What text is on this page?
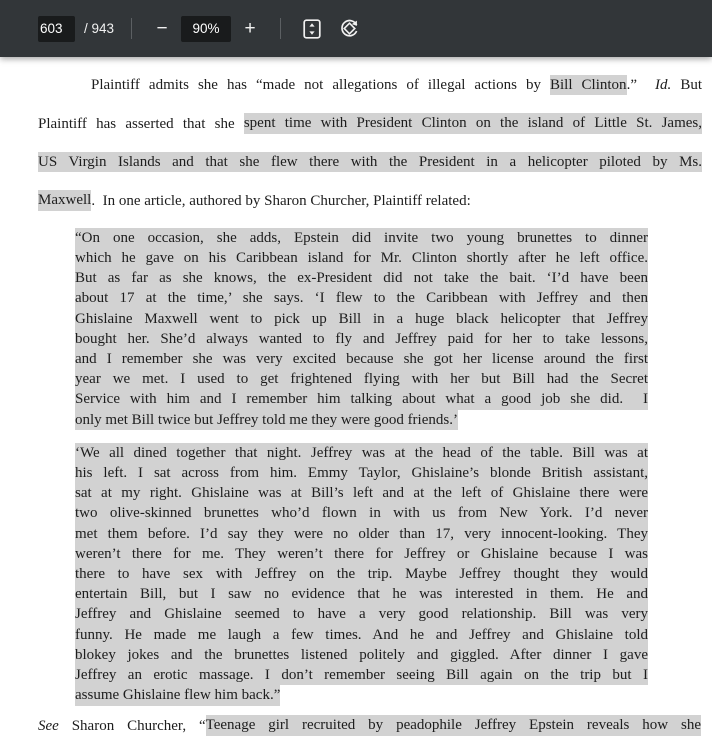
603
/ 943	−	90%	+
Plaintiff admits she has “made not allegations of illegal actions by Bill Clinton.”  Id. But
Plaintiff has asserted that she spent time with President Clinton on the island of Little St. James,
US Virgin Islands and that she flew there with the President in a helicopter piloted by Ms.
Maxwell.  In one article, authored by Sharon Churcher, Plaintiff related:
“On one occasion, she adds, Epstein did invite two young brunettes to dinner
which he gave on his Caribbean island for Mr. Clinton shortly after he left office.
But as far as she knows, the ex-President did not take the bait. ‘I’d have been
about 17 at the time,’ she says. ‘I flew to the Caribbean with Jeffrey and then
Ghislaine Maxwell went to pick up Bill in a huge black helicopter that Jeffrey
bought her. She’d always wanted to fly and Jeffrey paid for her to take lessons,
and I remember she was very excited because she got her license around the first
year we met. I used to get frightened flying with her but Bill had the Secret
Service with him and I remember him talking about what a good job she did.  I
only met Bill twice but Jeffrey told me they were good friends.’
‘We all dined together that night. Jeffrey was at the head of the table. Bill was at
his left. I sat across from him. Emmy Taylor, Ghislaine’s blonde British assistant,
sat at my right. Ghislaine was at Bill’s left and at the left of Ghislaine there were
two olive-skinned brunettes who’d flown in with us from New York. I’d never
met them before. I’d say they were no older than 17, very innocent-looking. They
weren’t there for me. They weren’t there for Jeffrey or Ghislaine because I was
there to have sex with Jeffrey on the trip. Maybe Jeffrey thought they would
entertain Bill, but I saw no evidence that he was interested in them. He and
Jeffrey and Ghislaine seemed to have a very good relationship. Bill was very
funny. He made me laugh a few times. And he and Jeffrey and Ghislaine told
blokey jokes and the brunettes listened politely and giggled. After dinner I gave
Jeffrey an erotic massage. I don’t remember seeing Bill again on the trip but I
assume Ghislaine flew him back.”
See Sharon Churcher, “Teenage girl recruited by peadophile Jeffrey Epstein reveals how she
